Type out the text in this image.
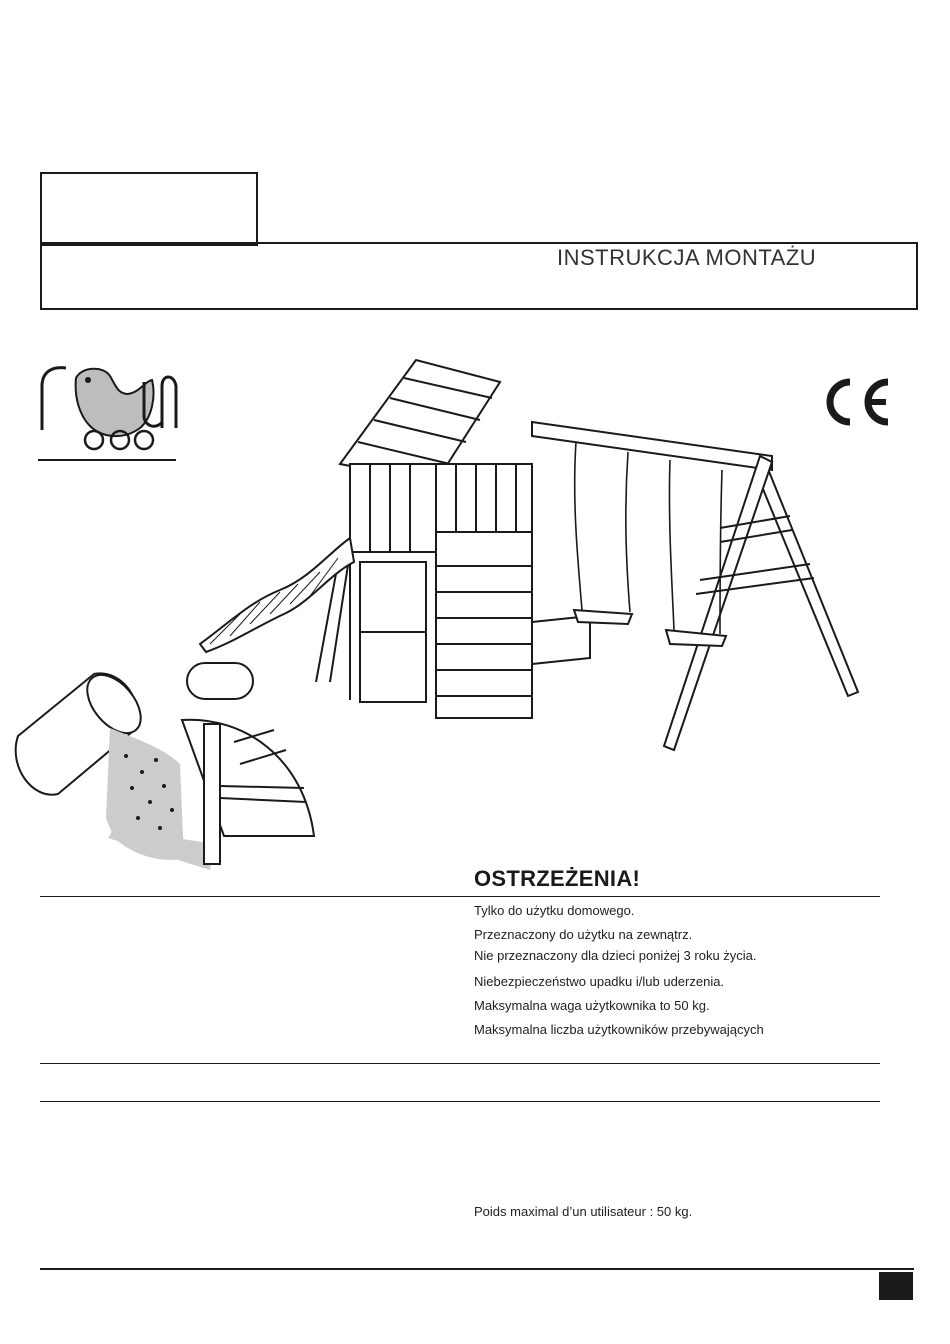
INSTRUKCJA MONTAŻU
OSTRZEŻENIA!
Tylko do użytku domowego.
Przeznaczony do użytku na zewnątrz.
Nie przeznaczony dla dzieci poniżej 3 roku życia.
Niebezpieczeństwo upadku i/lub uderzenia.
Maksymalna waga użytkownika to 50 kg.
Maksymalna liczba użytkowników przebywających
Poids maximal d’un utilisateur : 50 kg.
